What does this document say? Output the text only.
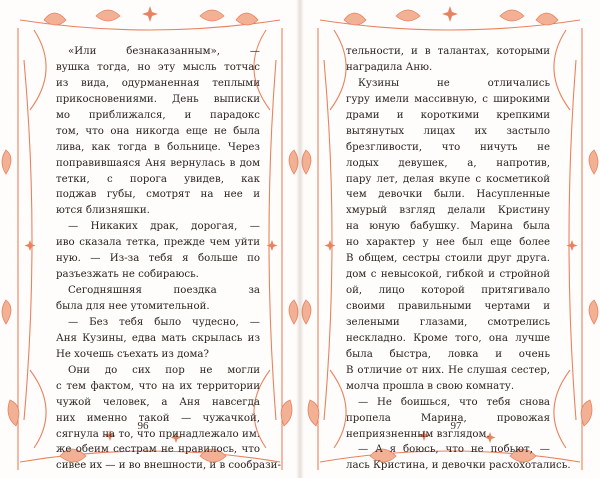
«Или безнаказанным», —
вушка тогда, но эту мысль тотчас
из вида, одурманенная теплыми
прикосновениями. День выписки
мо приближался, и парадокс
том, что она никогда еще не была
лива, как тогда в больнице. Через
поправившаяся Аня вернулась в дом
тетки, с порога увидев, как
поджав губы, смотрят на нее и
ются близняшки.
— Никаких драк, дорогая, —
иво сказала тетка, прежде чем уйти
ную. — Из-за тебя я больше по
разъезжать не собираюсь.
Сегодняшняя поездка за
была для нее утомительной.
— Без тебя было чудесно, —
Аня Кузины, едва мать скрылась из
Не хочешь съехать из дома?
Они до сих пор не могли
с тем фактом, что на их территории
чужой человек, а Аня навсегда
них именно такой — чужачкой,
сягнула на то, что принадлежало им.
же обеим сестрам не нравилось, что
сивее их — и во внешности, и в сообрази-
96
тельности, и в талантах, которыми
наградила Аню.
Кузины не отличались
гуру имели массивную, с широкими
драми и короткими крепкими
вытянутых лицах их застыло
брезгливости, что ничуть не
лодых девушек, а, напротив,
пару лет, делая вкупе с косметикой
чем девочки были. Насупленные
хмурый взгляд делали Кристину
на юную бабушку. Марина была
но характер у нее был еще более
В общем, сестры стоили друг друга.
дом с невысокой, гибкой и стройной
ой, лицо которой притягивало
своими правильными чертами и
зелеными глазами, смотрелись
нескладно. Кроме того, она лучше
была быстра, ловка и очень
В отличие от них. Не слушая сестер,
молча прошла в свою комнату.
— Не боишься, что тебя снова
пропела Марина, провожая
неприязненным взглядом.
— А я боюсь, что не побьют, —
лась Кристина, и девочки расхохотались.
97
